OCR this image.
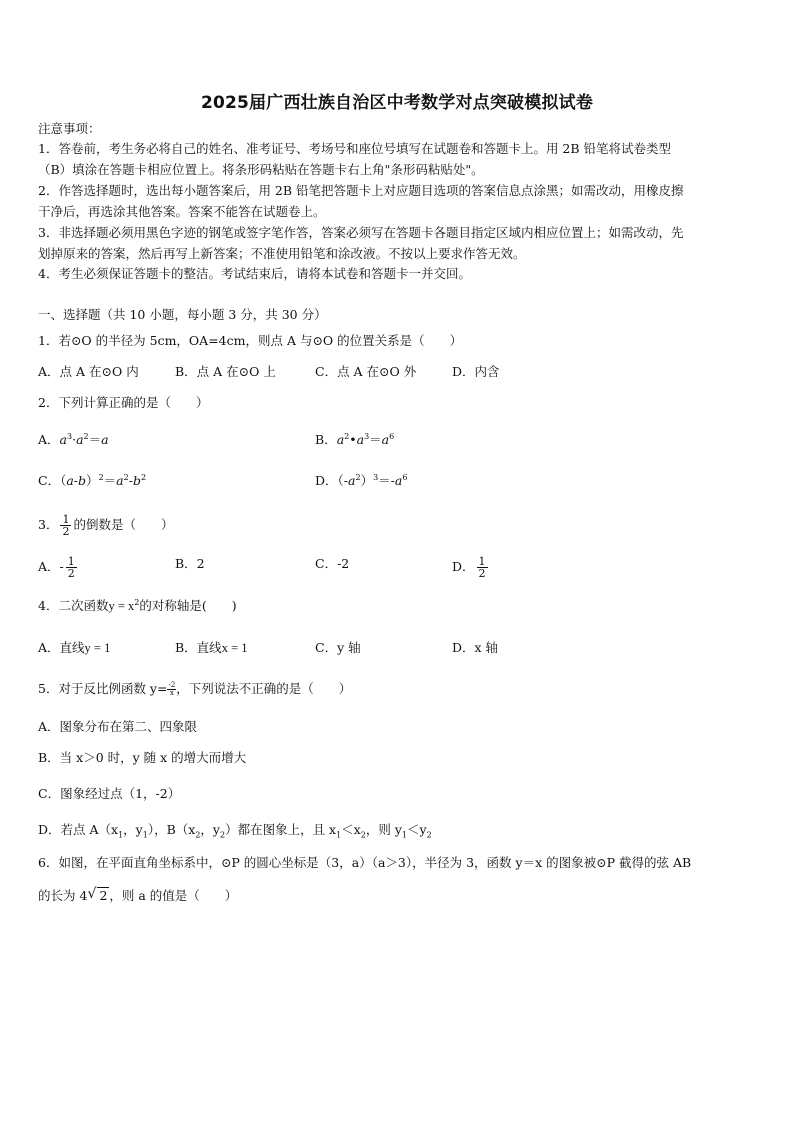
2025届广西壮族自治区中考数学对点突破模拟试卷
注意事项：
1．答卷前，考生务必将自己的姓名、准考证号、考场号和座位号填写在试题卷和答题卡上。用 2B 铅笔将试卷类型
（B）填涂在答题卡相应位置上。将条形码粘贴在答题卡右上角"条形码粘贴处"。
2．作答选择题时，选出每小题答案后，用 2B 铅笔把答题卡上对应题目选项的答案信息点涂黑；如需改动，用橡皮擦
干净后，再选涂其他答案。答案不能答在试题卷上。
3．非选择题必须用黑色字迹的钢笔或签字笔作答，答案必须写在答题卡各题目指定区域内相应位置上；如需改动，先
划掉原来的答案，然后再写上新答案；不准使用铅笔和涂改液。不按以上要求作答无效。
4．考生必须保证答题卡的整洁。考试结束后，请将本试卷和答题卡一并交回。
一、选择题（共 10 小题，每小题 3 分，共 30 分）
1．若⊙O 的半径为 5cm，OA=4cm，则点 A 与⊙O 的位置关系是（　　）
A．点 A 在⊙O 内	B．点 A 在⊙O 上	C．点 A 在⊙O 外	D．内含
2．下列计算正确的是（　　）
A．$a^3\cdot a^2=a$	B．$a^2•a^3=a^6$
C．$(a-b)^2=a^2-b^2$	D．$(-a^2)^3=-a^6$
3． $\frac{1}{2}$ 的倒数是（　　）
A．- $\frac{1}{2}$	B．2	C．-2	D． $\frac{1}{2}$
4．二次函数$y = x^2$的对称轴是(　　)
A．直线y = 1	B．直线x = 1	C．y 轴	D．x 轴
5．对于反比例函数 $y= \frac{-2}{x}$ ，下列说法不正确的是（　　）
A．图象分布在第二、四象限
B．当 x＞0 时，y 随 x 的增大而增大
C．图象经过点（1，-2）
D．若点 $A(x_1$，$y_1$），$B(x_2$，$y_2$）都在图象上，且 $x_1<x_2$，则 $y_1<y_2$
6．如图，在平面直角坐标系中，⊙P 的圆心坐标是（3，a）（a＞3），半径为 3，函数 y＝x 的图象被⊙P 截得的弦 AB
的长为 4 √ 2 ，则 a 的值是（　　）
